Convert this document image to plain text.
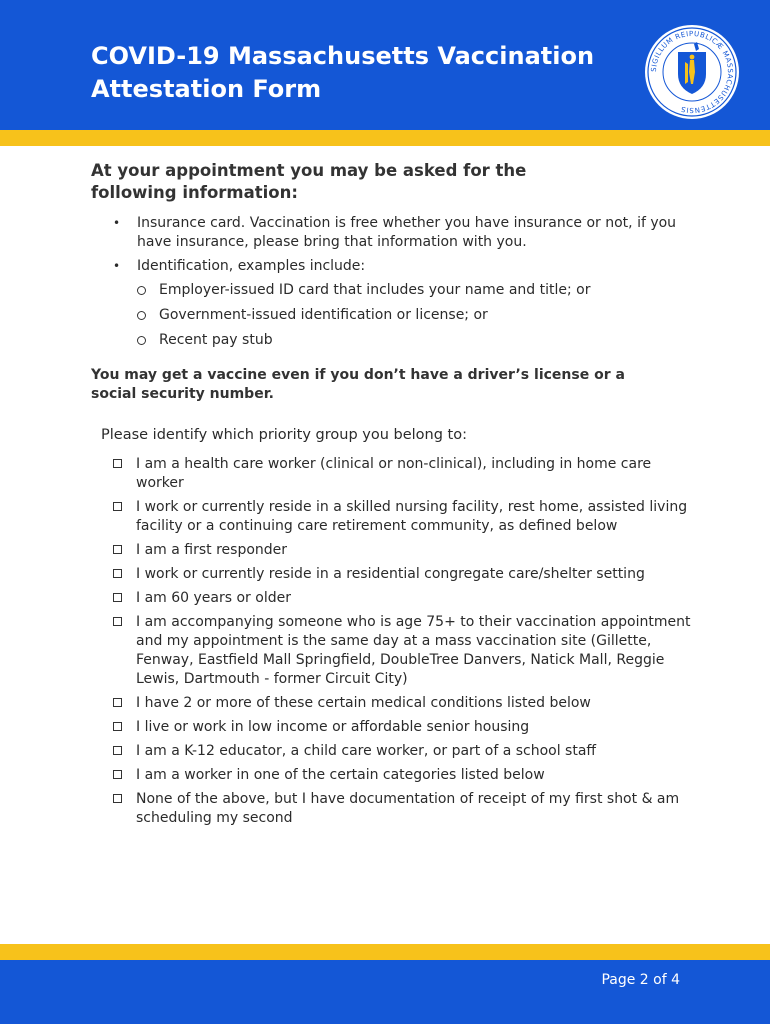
COVID-19 Massachusetts Vaccination
Attestation Form
SIGILLUM REIPUBLICÆ MASSACHUSETTENSIS
At your appointment you may be asked for the following information:
• Insurance card. Vaccination is free whether you have insurance or not, if you have insurance, please bring that information with you.
• Identification, examples include:
Employer-issued ID card that includes your name and title; or
Government-issued identification or license; or
Recent pay stub
You may get a vaccine even if you don’t have a driver’s license or a social security number.
Please identify which priority group you belong to:
I am a health care worker (clinical or non-clinical), including in home care worker
I work or currently reside in a skilled nursing facility, rest home, assisted living facility or a continuing care retirement community, as defined below
I am a first responder
I work or currently reside in a residential congregate care/shelter setting
I am 60 years or older
I am accompanying someone who is age 75+ to their vaccination appointment and my appointment is the same day at a mass vaccination site (Gillette, Fenway, Eastfield Mall Springfield, DoubleTree Danvers, Natick Mall, Reggie Lewis, Dartmouth - former Circuit City)
I have 2 or more of these certain medical conditions listed below
I live or work in low income or affordable senior housing
I am a K-12 educator, a child care worker, or part of a school staff
I am a worker in one of the certain categories listed below
None of the above, but I have documentation of receipt of my first shot & am scheduling my second
Page 2 of 4
